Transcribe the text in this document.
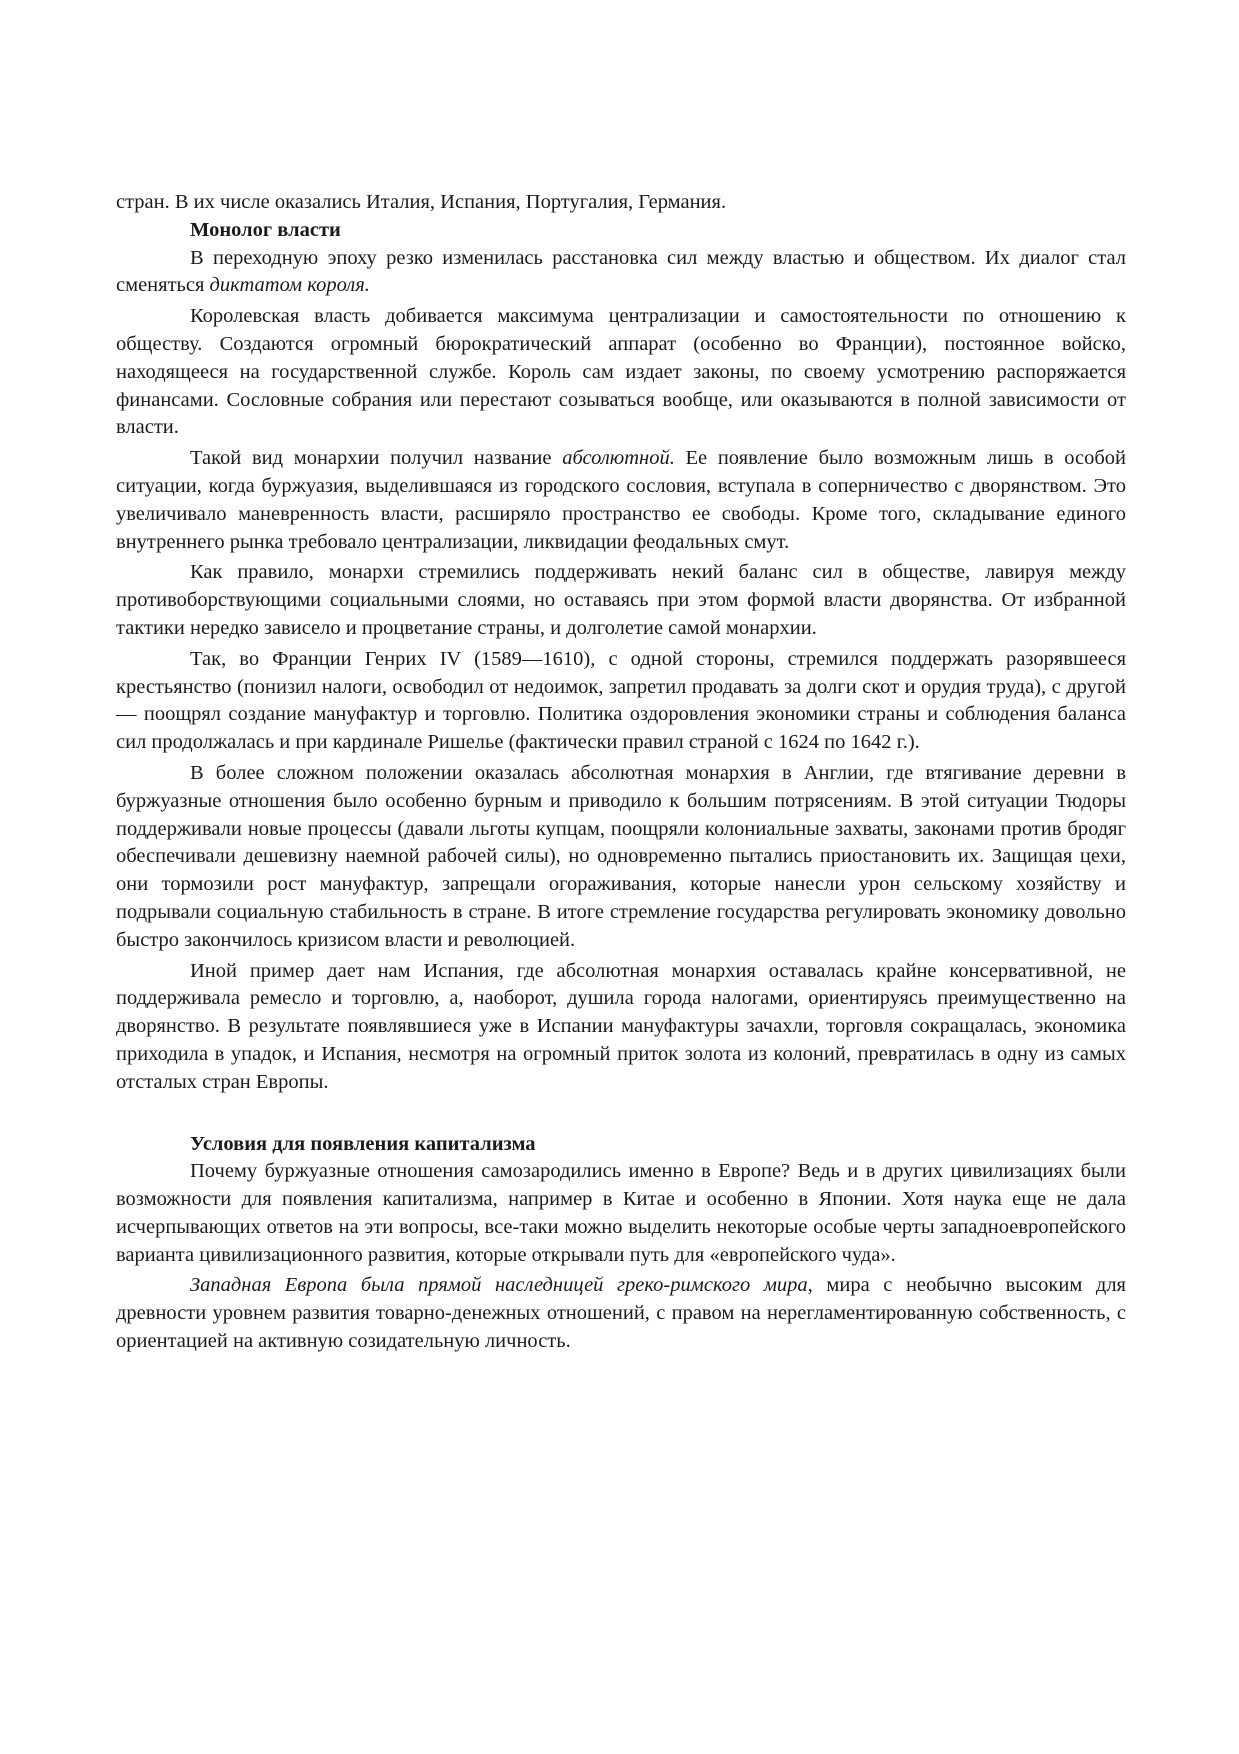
стран. В их числе оказались Италия, Испания, Португалия, Германия.

Монолог власти

В переходную эпоху резко изменилась расстановка сил между властью и обществом. Их диалог стал сменяться диктатом короля.

Королевская власть добивается максимума централизации и самостоятельности по отношению к обществу. Создаются огромный бюрократический аппарат (особенно во Франции), постоянное войско, находящееся на государственной службе. Король сам издает законы, по своему усмотрению распоряжается финансами. Сословные собрания или перестают созываться вообще, или оказываются в полной зависимости от власти.

Такой вид монархии получил название абсолютной. Ее появление было возможным лишь в особой ситуации, когда буржуазия, выделившаяся из городского сословия, вступала в соперничество с дворянством. Это увеличивало маневренность власти, расширяло пространство ее свободы. Кроме того, складывание единого внутреннего рынка требовало централизации, ликвидации феодальных смут.

Как правило, монархи стремились поддерживать некий баланс сил в обществе, лавируя между противоборствующими социальными слоями, но оставаясь при этом формой власти дворянства. От избранной тактики нередко зависело и процветание страны, и долголетие самой монархии.

Так, во Франции Генрих IV (1589—1610), с одной стороны, стремился поддержать разорявшееся крестьянство (понизил налоги, освободил от недоимок, запретил продавать за долги скот и орудия труда), с другой — поощрял создание мануфактур и торговлю. Политика оздоровления экономики страны и соблюдения баланса сил продолжалась и при кардинале Ришелье (фактически правил страной с 1624 по 1642 г.).

В более сложном положении оказалась абсолютная монархия в Англии, где втягивание деревни в буржуазные отношения было особенно бурным и приводило к большим потрясениям. В этой ситуации Тюдоры поддерживали новые процессы (давали льготы купцам, поощряли колониальные захваты, законами против бродяг обеспечивали дешевизну наемной рабочей силы), но одновременно пытались приостановить их. Защищая цехи, они тормозили рост мануфактур, запрещали огораживания, которые нанесли урон сельскому хозяйству и подрывали социальную стабильность в стране. В итоге стремление государства регулировать экономику довольно быстро закончилось кризисом власти и революцией.

Иной пример дает нам Испания, где абсолютная монархия оставалась крайне консервативной, не поддерживала ремесло и торговлю, а, наоборот, душила города налогами, ориентируясь преимущественно на дворянство. В результате появлявшиеся уже в Испании мануфактуры зачахли, торговля сокращалась, экономика приходила в упадок, и Испания, несмотря на огромный приток золота из колоний, превратилась в одну из самых отсталых стран Европы.

Условия для появления капитализма

Почему буржуазные отношения самозародились именно в Европе? Ведь и в других цивилизациях были возможности для появления капитализма, например в Китае и особенно в Японии. Хотя наука еще не дала исчерпывающих ответов на эти вопросы, все-таки можно выделить некоторые особые черты западноевропейского варианта цивилизационного развития, которые открывали путь для «европейского чуда».

Западная Европа была прямой наследницей греко-римского мира, мира с необычно высоким для древности уровнем развития товарно-денежных отношений, с правом на нерегламентированную собственность, с ориентацией на активную созидательную личность.
